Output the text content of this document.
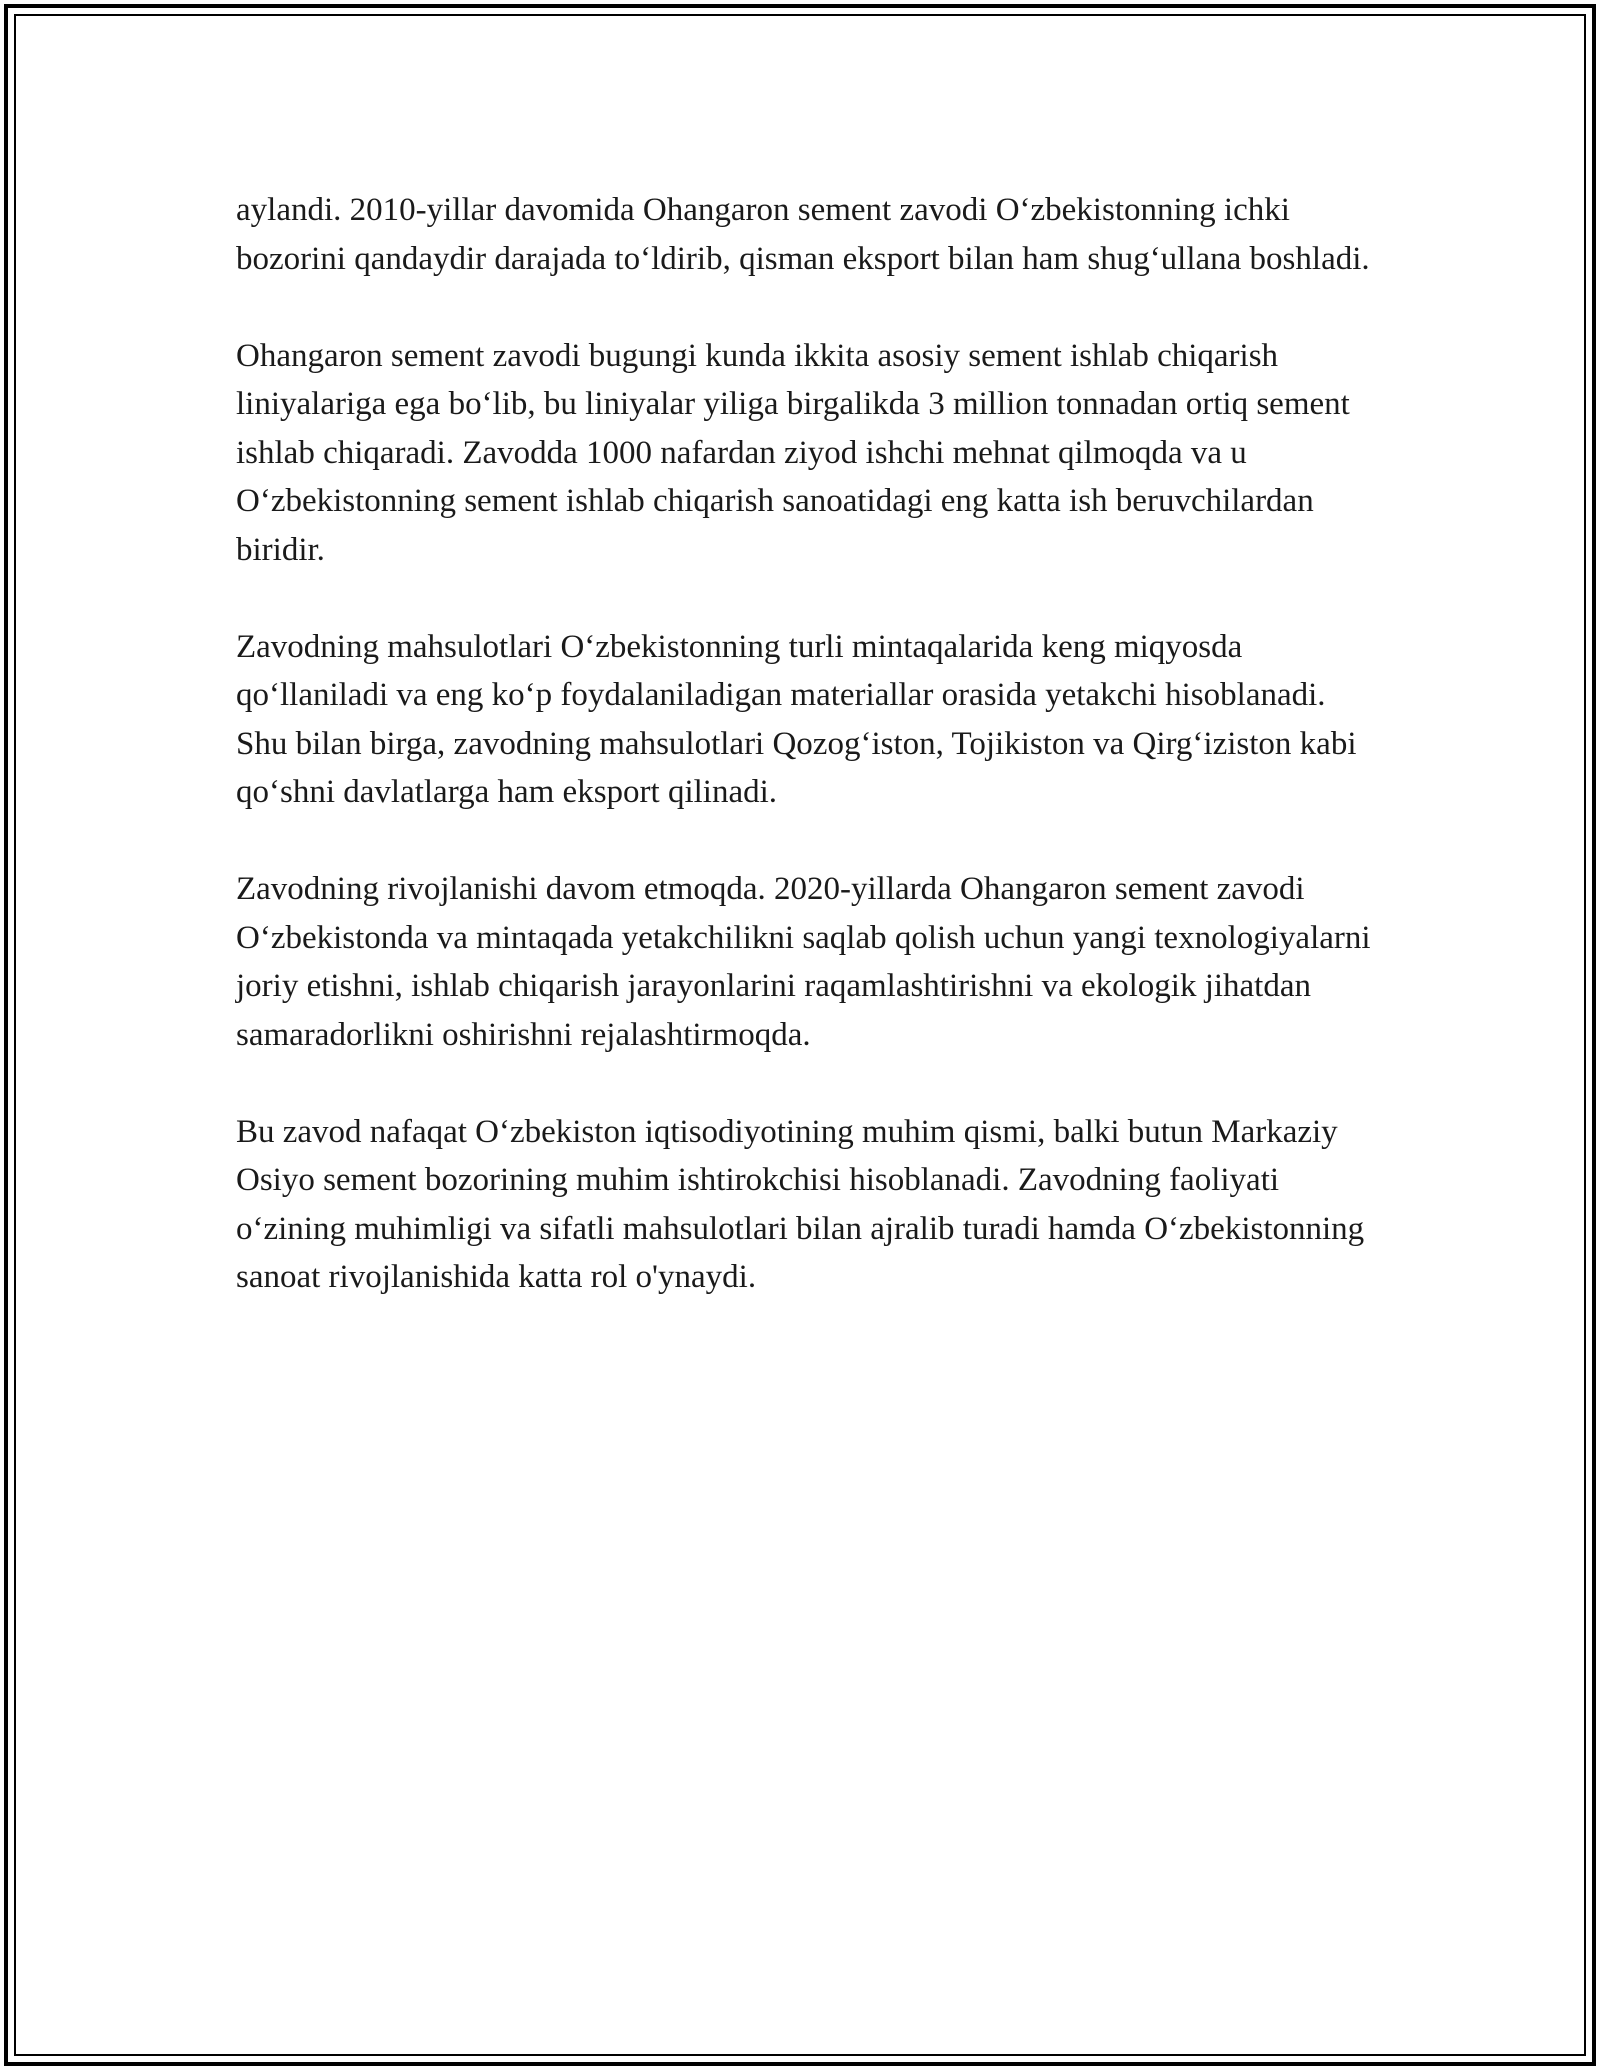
aylandi. 2010-yillar davomida Ohangaron sement zavodi O‘zbekistonning ichki bozorini qandaydir darajada to‘ldirib, qisman eksport bilan ham shug‘ullana boshladi.

Ohangaron sement zavodi bugungi kunda ikkita asosiy sement ishlab chiqarish liniyalariga ega bo‘lib, bu liniyalar yiliga birgalikda 3 million tonnadan ortiq sement ishlab chiqaradi. Zavodda 1000 nafardan ziyod ishchi mehnat qilmoqda va u O‘zbekistonning sement ishlab chiqarish sanoatidagi eng katta ish beruvchilardan biridir.

Zavodning mahsulotlari O‘zbekistonning turli mintaqalarida keng miqyosda qo‘llaniladi va eng ko‘p foydalaniladigan materiallar orasida yetakchi hisoblanadi. Shu bilan birga, zavodning mahsulotlari Qozog‘iston, Tojikiston va Qirg‘iziston kabi qo‘shni davlatlarga ham eksport qilinadi.

Zavodning rivojlanishi davom etmoqda. 2020-yillarda Ohangaron sement zavodi O‘zbekistonda va mintaqada yetakchilikni saqlab qolish uchun yangi texnologiyalarni joriy etishni, ishlab chiqarish jarayonlarini raqamlashtirishni va ekologik jihatdan samaradorlikni oshirishni rejalashtirmoqda.

Bu zavod nafaqat O‘zbekiston iqtisodiyotining muhim qismi, balki butun Markaziy Osiyo sement bozorining muhim ishtirokchisi hisoblanadi. Zavodning faoliyati o‘zining muhimligi va sifatli mahsulotlari bilan ajralib turadi hamda O‘zbekistonning sanoat rivojlanishida katta rol o'ynaydi.
